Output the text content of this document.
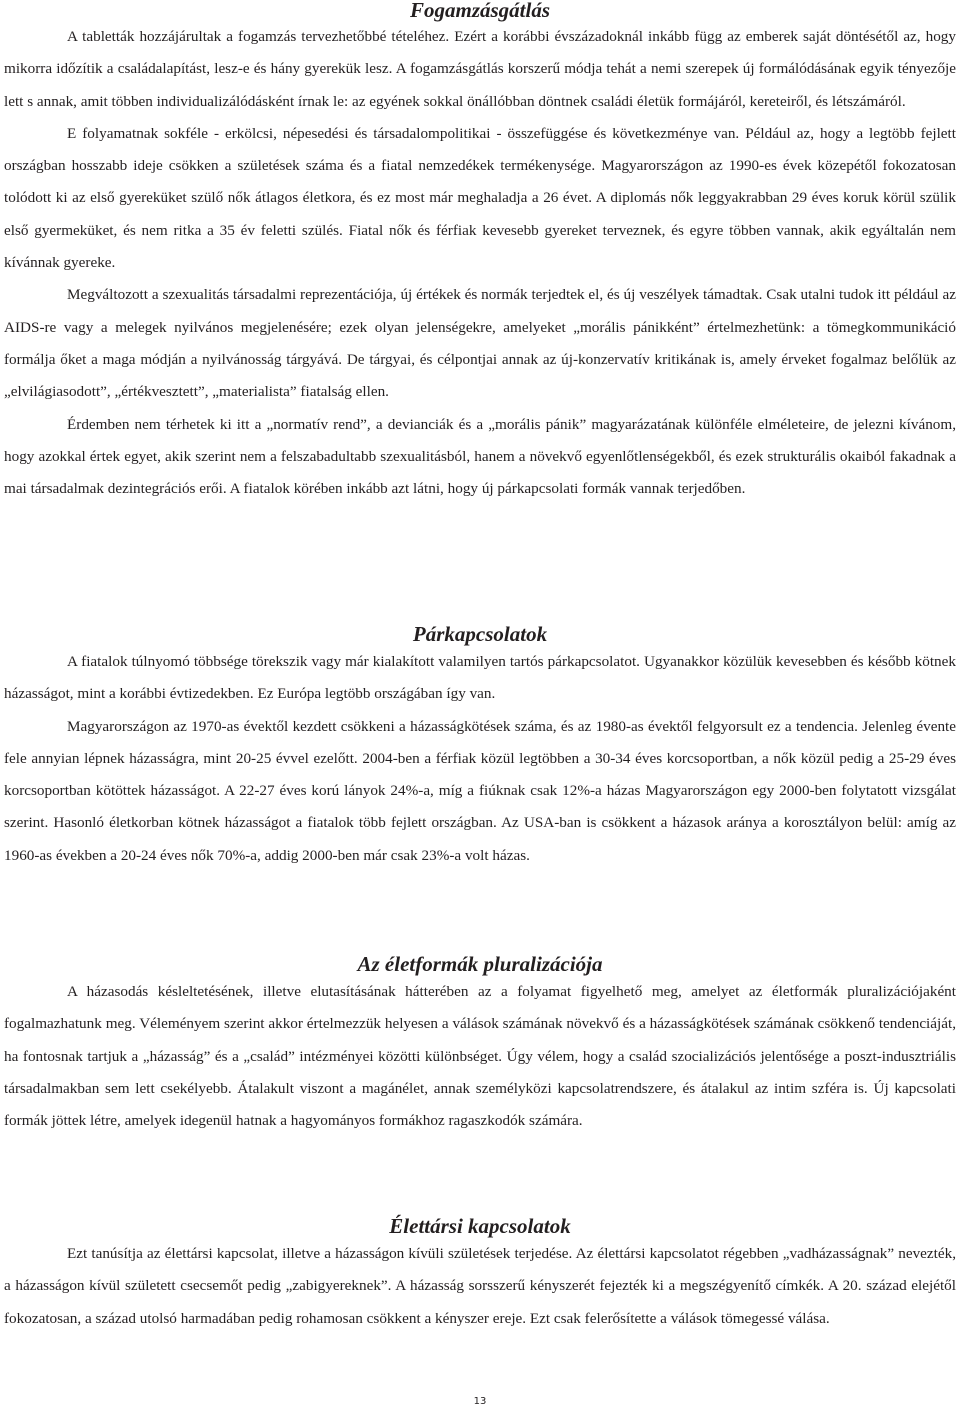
Fogamzásgátlás

A tabletták hozzájárultak a fogamzás tervezhetőbbé tételéhez. Ezért a korábbi évszázadoknál inkább függ az emberek saját döntésétől az, hogy mikorra időzítik a családalapítást, lesz-e és hány gyerekük lesz. A fogamzásgátlás korszerű módja tehát a nemi szerepek új formálódásának egyik tényezője lett s annak, amit többen individualizálódásként írnak le: az egyének sokkal önállóbban döntnek családi életük formájáról, kereteiről, és létszámáról.

E folyamatnak sokféle - erkölcsi, népesedési és társadalompolitikai - összefüggése és következménye van. Például az, hogy a legtöbb fejlett országban hosszabb ideje csökken a születések száma és a fiatal nemzedékek termékenysége. Magyarországon az 1990-es évek közepétől fokozatosan tolódott ki az első gyereküket szülő nők átlagos életkora, és ez most már meghaladja a 26 évet. A diplomás nők leggyakrabban 29 éves koruk körül szülik első gyermeküket, és nem ritka a 35 év feletti szülés. Fiatal nők és férfiak kevesebb gyereket terveznek, és egyre többen vannak, akik egyáltalán nem kívánnak gyereke.

Megváltozott a szexualitás társadalmi reprezentációja, új értékek és normák terjedtek el, és új veszélyek támadtak. Csak utalni tudok itt például az AIDS-re vagy a melegek nyilvános megjelenésére; ezek olyan jelenségekre, amelyeket „morális pánikként” értelmezhetünk: a tömegkommunikáció formálja őket a maga módján a nyilvánosság tárgyává. De tárgyai, és célpontjai annak az új-konzervatív kritikának is, amely érveket fogalmaz belőlük az „elvilágiasodott”, „értékvesztett”, „materialista” fiatalság ellen.

Érdemben nem térhetek ki itt a „normatív rend”, a devianciák és a „morális pánik” magyarázatának különféle elméleteire, de jelezni kívánom, hogy azokkal értek egyet, akik szerint nem a felszabadultabb szexualitásból, hanem a növekvő egyenlőtlenségekből, és ezek strukturális okaiból fakadnak a mai társadalmak dezintegrációs erői. A fiatalok körében inkább azt látni, hogy új párkapcsolati formák vannak terjedőben.

Párkapcsolatok

A fiatalok túlnyomó többsége törekszik vagy már kialakított valamilyen tartós párkapcsolatot. Ugyanakkor közülük kevesebben és később kötnek házasságot, mint a korábbi évtizedekben. Ez Európa legtöbb országában így van.

Magyarországon az 1970-as évektől kezdett csökkeni a házasságkötések száma, és az 1980-as évektől felgyorsult ez a tendencia. Jelenleg évente fele annyian lépnek házasságra, mint 20-25 évvel ezelőtt. 2004-ben a férfiak közül legtöbben a 30-34 éves korcsoportban, a nők közül pedig a 25-29 éves korcsoportban kötöttek házasságot. A 22-27 éves korú lányok 24%-a, míg a fiúknak csak 12%-a házas Magyarországon egy 2000-ben folytatott vizsgálat szerint. Hasonló életkorban kötnek házasságot a fiatalok több fejlett országban. Az USA-ban is csökkent a házasok aránya a korosztályon belül: amíg az 1960-as években a 20-24 éves nők 70%-a, addig 2000-ben már csak 23%-a volt házas.

Az életformák pluralizációja

A házasodás késleltetésének, illetve elutasításának hátterében az a folyamat figyelhető meg, amelyet az életformák pluralizációjaként fogalmazhatunk meg. Véleményem szerint akkor értelmezzük helyesen a válások számának növekvő és a házasságkötések számának csökkenő tendenciáját, ha fontosnak tartjuk a „házasság” és a „család” intézményei közötti különbséget. Úgy vélem, hogy a család szocializációs jelentősége a poszt-indusztriális társadalmakban sem lett csekélyebb. Átalakult viszont a magánélet, annak személyközi kapcsolatrendszere, és átalakul az intim szféra is. Új kapcsolati formák jöttek létre, amelyek idegenül hatnak a hagyományos formákhoz ragaszkodók számára.

Élettársi kapcsolatok

Ezt tanúsítja az élettársi kapcsolat, illetve a házasságon kívüli születések terjedése. Az élettársi kapcsolatot régebben „vadházasságnak” nevezték, a házasságon kívül született csecsemőt pedig „zabigyereknek”. A házasság sorsszerű kényszerét fejezték ki a megszégyenítő címkék. A 20. század elejétől fokozatosan, a század utolsó harmadában pedig rohamosan csökkent a kényszer ereje. Ezt csak felerősítette a válások tömegessé válása.

13
